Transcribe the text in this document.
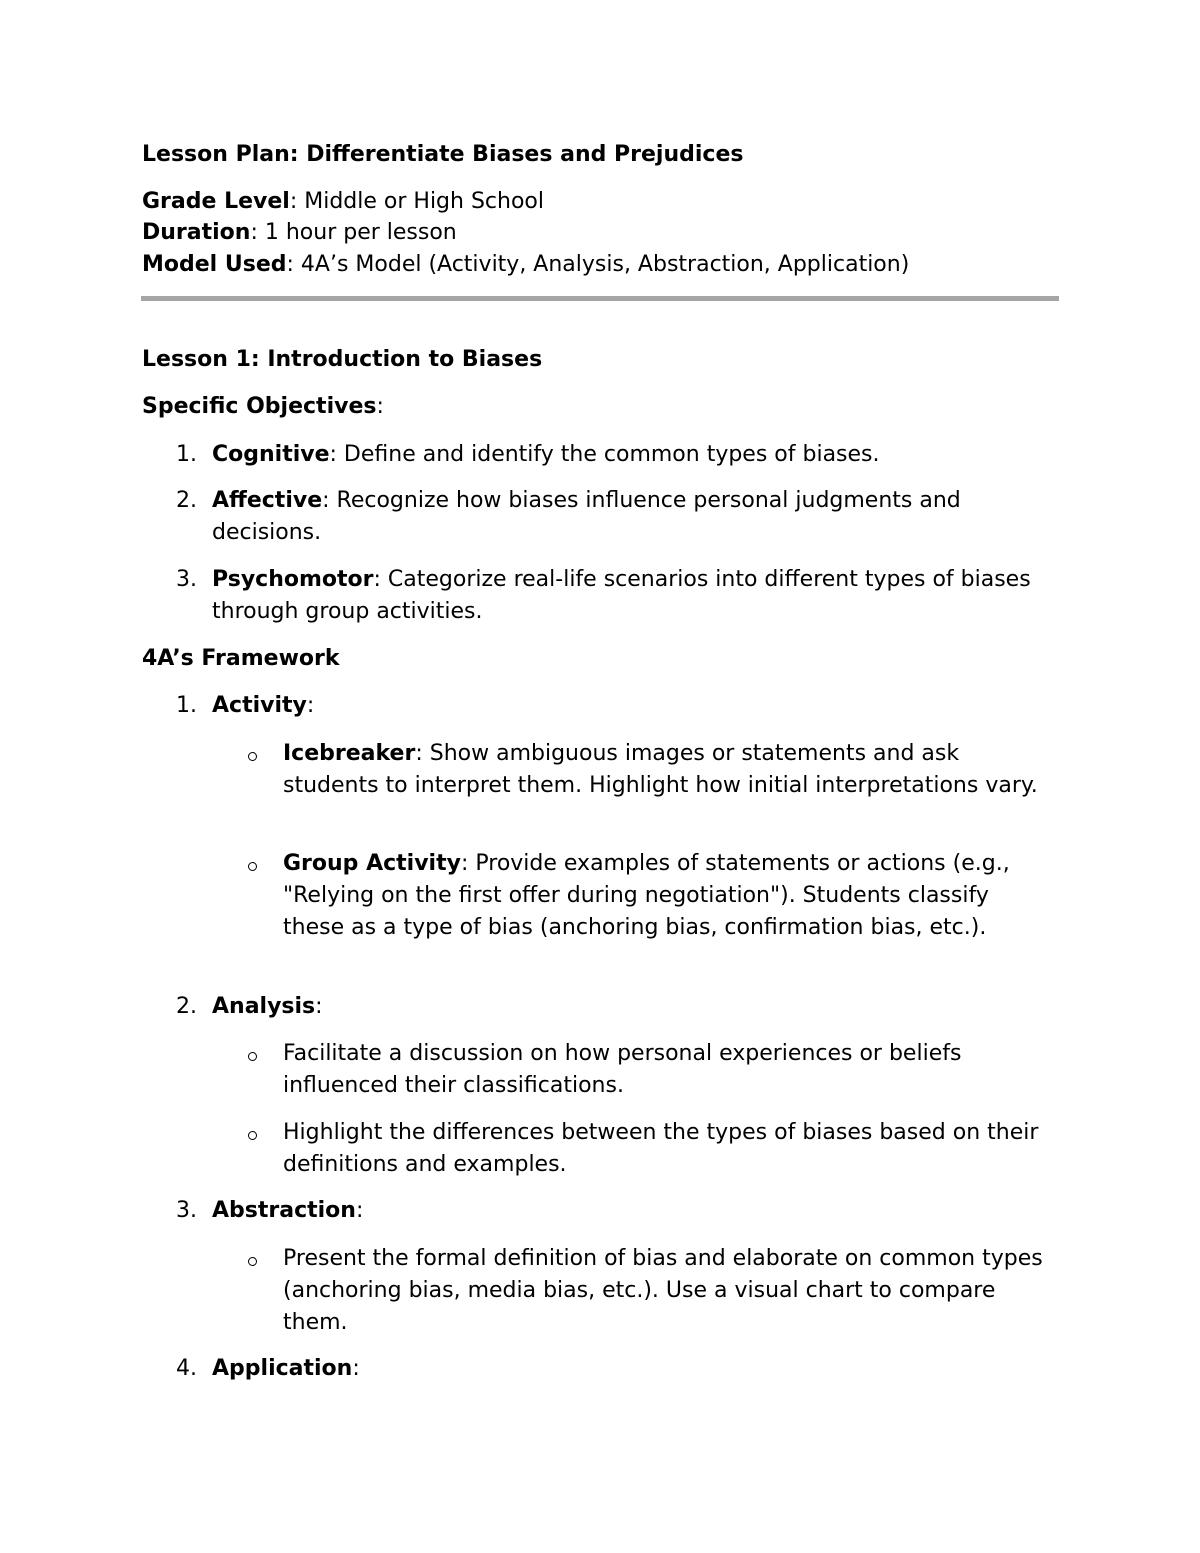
Lesson Plan: Differentiate Biases and Prejudices
Grade Level: Middle or High School
Duration: 1 hour per lesson
Model Used: 4A’s Model (Activity, Analysis, Abstraction, Application)
Lesson 1: Introduction to Biases
Specific Objectives:
1. Cognitive: Define and identify the common types of biases.
2. Affective: Recognize how biases influence personal judgments and decisions.
3. Psychomotor: Categorize real-life scenarios into different types of biases through group activities.
4A’s Framework
1. Activity:
Icebreaker: Show ambiguous images or statements and ask students to interpret them. Highlight how initial interpretations vary.
Group Activity: Provide examples of statements or actions (e.g., "Relying on the first offer during negotiation"). Students classify these as a type of bias (anchoring bias, confirmation bias, etc.).
2. Analysis:
Facilitate a discussion on how personal experiences or beliefs influenced their classifications.
Highlight the differences between the types of biases based on their definitions and examples.
3. Abstraction:
Present the formal definition of bias and elaborate on common types (anchoring bias, media bias, etc.). Use a visual chart to compare them.
4. Application:
